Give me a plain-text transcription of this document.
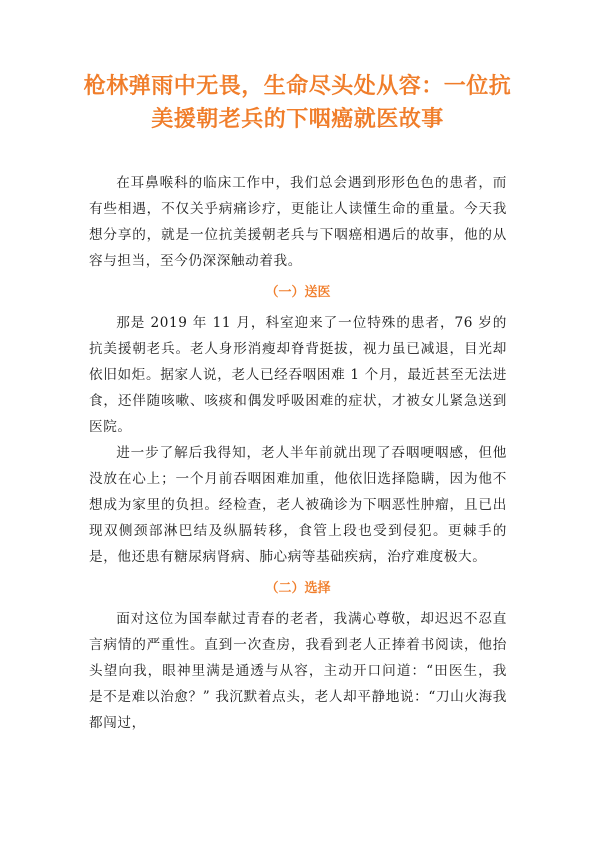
枪林弹雨中无畏，生命尽头处从容：一位抗美援朝老兵的下咽癌就医故事

在耳鼻喉科的临床工作中，我们总会遇到形形色色的患者，而有些相遇，不仅关乎病痛诊疗，更能让人读懂生命的重量。今天我想分享的，就是一位抗美援朝老兵与下咽癌相遇后的故事，他的从容与担当，至今仍深深触动着我。

（一）送医

那是 2019 年 11 月，科室迎来了一位特殊的患者，76 岁的抗美援朝老兵。老人身形消瘦却脊背挺拔，视力虽已减退，目光却依旧如炬。据家人说，老人已经吞咽困难 1 个月，最近甚至无法进食，还伴随咳嗽、咳痰和偶发呼吸困难的症状，才被女儿紧急送到医院。

进一步了解后我得知，老人半年前就出现了吞咽哽咽感，但他没放在心上；一个月前吞咽困难加重，他依旧选择隐瞒，因为他不想成为家里的负担。经检查，老人被确诊为下咽恶性肿瘤，且已出现双侧颈部淋巴结及纵膈转移，食管上段也受到侵犯。更棘手的是，他还患有糖尿病肾病、肺心病等基础疾病，治疗难度极大。

（二）选择

面对这位为国奉献过青春的老者，我满心尊敬，却迟迟不忍直言病情的严重性。直到一次查房，我看到老人正捧着书阅读，他抬头望向我，眼神里满是通透与从容，主动开口问道：“田医生，我是不是难以治愈？” 我沉默着点头，老人却平静地说：“刀山火海我都闯过，
